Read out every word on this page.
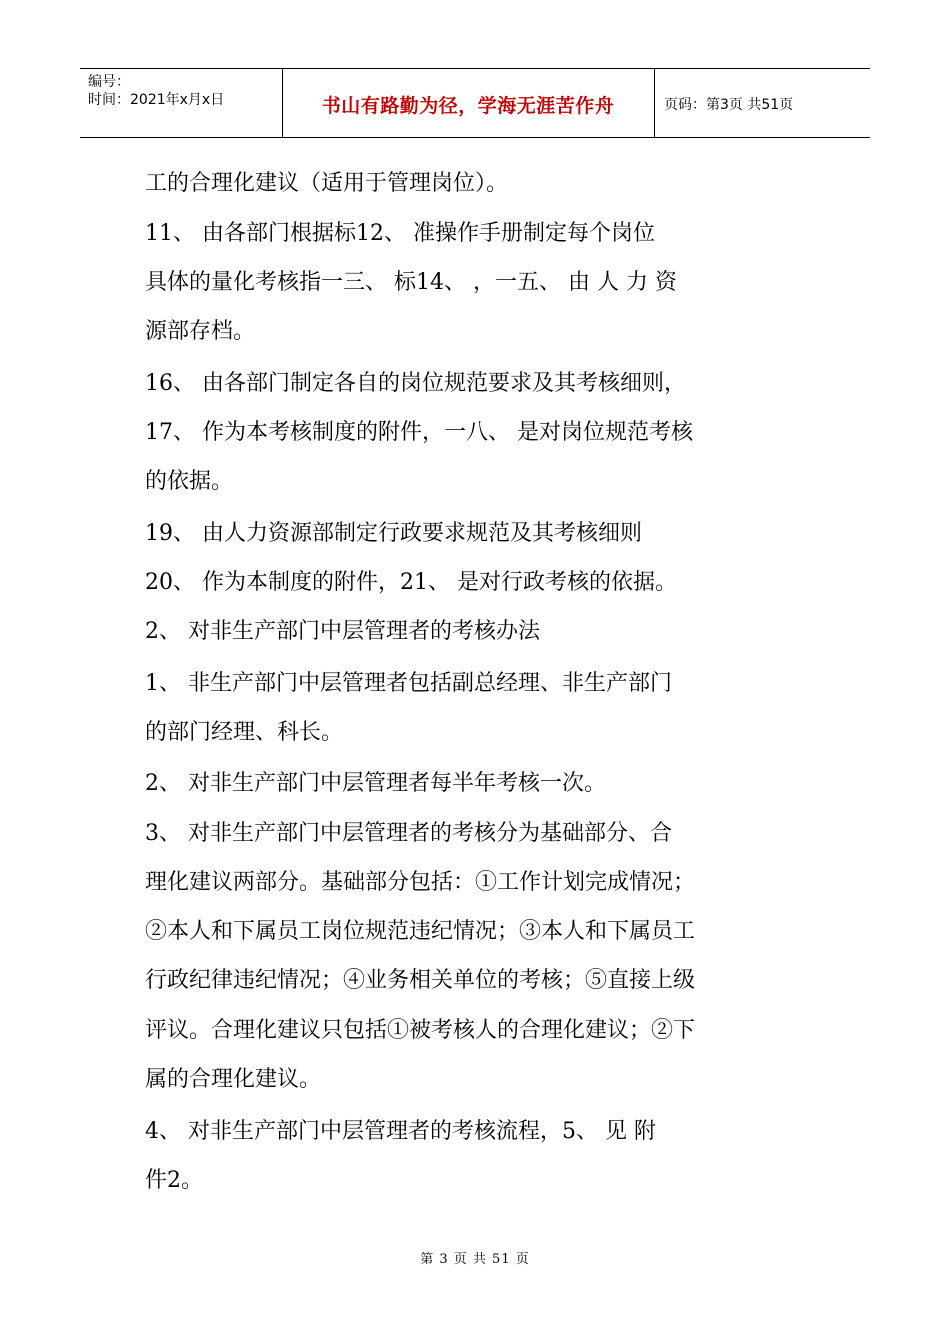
编号：
时间：2021年x月x日	书山有路勤为径，学海无涯苦作舟	页码：第3页 共51页
工的合理化建议（适用于管理岗位）。
11、 由各部门根据标12、 准操作手册制定每个岗位
具体的量化考核指一三、 标14、 ，一五、 由 人 力 资
源部存档。
16、 由各部门制定各自的岗位规范要求及其考核细则，
17、 作为本考核制度的附件，一八、 是对岗位规范考核
的依据。
19、 由人力资源部制定行政要求规范及其考核细则
20、 作为本制度的附件，21、 是对行政考核的依据。
2、 对非生产部门中层管理者的考核办法
1、 非生产部门中层管理者包括副总经理、非生产部门
的部门经理、科长。
2、 对非生产部门中层管理者每半年考核一次。
3、 对非生产部门中层管理者的考核分为基础部分、合
理化建议两部分。基础部分包括：①工作计划完成情况；
②本人和下属员工岗位规范违纪情况；③本人和下属员工
行政纪律违纪情况；④业务相关单位的考核；⑤直接上级
评议。合理化建议只包括①被考核人的合理化建议；②下
属的合理化建议。
4、 对非生产部门中层管理者的考核流程，5、 见 附
件2。
第 3 页 共 51 页
